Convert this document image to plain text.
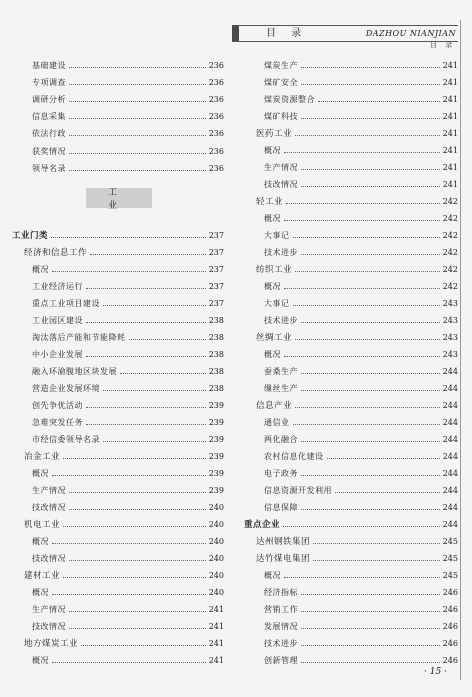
目 录	DAZHOU NIANJIAN
目 录
基础建设	236
专项调查	236
调研分析	236
信息采集	236
依法行政	236
获奖情况	236
领导名录	236
工 业
工业门类	237
经济和信息工作	237
概况	237
工业经济运行	237
重点工业项目建设	237
工业园区建设	238
淘汰落后产能和节能降耗	238
中小企业发展	238
融入环渝腹地区块发展	238
营造企业发展环境	238
创先争优活动	239
急难突发任务	239
市经信委领导名录	239
冶金工业	239
概况	239
生产情况	239
技改情况	240
机电工业	240
概况	240
技改情况	240
建材工业	240
概况	240
生产情况	241
技改情况	241
地方煤炭工业	241
概况	241
煤炭生产	241
煤矿安全	241
煤炭资源整合	241
煤矿科技	241
医药工业	241
概况	241
生产情况	241
技改情况	241
轻工业	242
概况	242
大事记	242
技术进步	242
纺织工业	242
概况	242
大事记	243
技术进步	243
丝绸工业	243
概况	243
蚕桑生产	244
缫丝生产	244
信息产业	244
通信业	244
两化融合	244
农村信息化建设	244
电子政务	244
信息资源开发利用	244
信息保障	244
重点企业	244
达州钢铁集团	245
达竹煤电集团	245
概况	245
经济指标	246
营销工作	246
发展情况	246
技术进步	246
创新管理	246
· 15 ·
